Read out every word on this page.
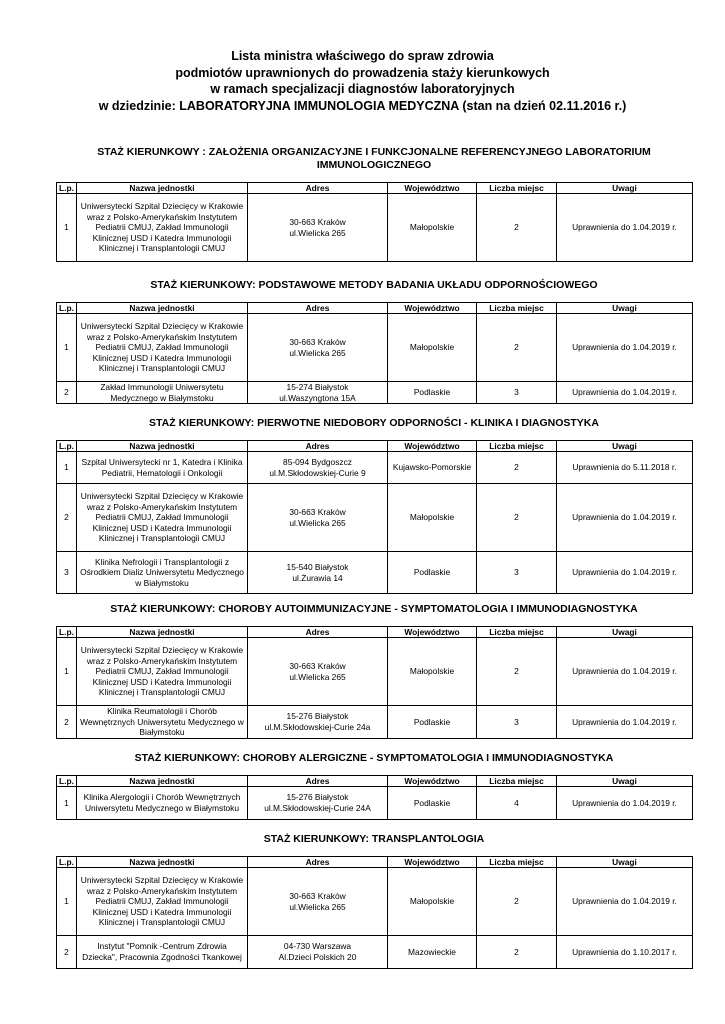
Lista ministra właściwego do spraw zdrowia
podmiotów uprawnionych do prowadzenia staży kierunkowych
w ramach specjalizacji diagnostów laboratoryjnych
w dziedzinie: LABORATORYJNA IMMUNOLOGIA MEDYCZNA (stan na dzień 02.11.2016 r.)
STAŻ KIERUNKOWY : ZAŁOŻENIA ORGANIZACYJNE I FUNKCJONALNE REFERENCYJNEGO LABORATORIUM
IMMUNOLOGICZNEGO
L.p.	Nazwa jednostki	Adres	Województwo	Liczba miejsc	Uwagi
1	Uniwersytecki Szpital Dziecięcy w Krakowie wraz z Polsko-Amerykańskim Instytutem Pediatrii CMUJ, Zakład Immunologii Klinicznej USD i Katedra Immunologii Klinicznej i Transplantologii CMUJ	30-663 Kraków
ul.Wielicka 265	Małopolskie	2	Uprawnienia do 1.04.2019 r.
STAŻ KIERUNKOWY: PODSTAWOWE METODY BADANIA UKŁADU ODPORNOŚCIOWEGO
L.p.	Nazwa jednostki	Adres	Województwo	Liczba miejsc	Uwagi
1	Uniwersytecki Szpital Dziecięcy w Krakowie wraz z Polsko-Amerykańskim Instytutem Pediatrii CMUJ, Zakład Immunologii Klinicznej USD i Katedra Immunologii Klinicznej i Transplantologii CMUJ	30-663 Kraków
ul.Wielicka 265	Małopolskie	2	Uprawnienia do 1.04.2019 r.
2	Zakład Immunologii Uniwersytetu Medycznego w Białymstoku	15-274 Białystok
ul.Waszyngtona 15A	Podlaskie	3	Uprawnienia do 1.04.2019 r.
STAŻ KIERUNKOWY: PIERWOTNE NIEDOBORY ODPORNOŚCI - KLINIKA I DIAGNOSTYKA
L.p.	Nazwa jednostki	Adres	Województwo	Liczba miejsc	Uwagi
1	Szpital Uniwersytecki nr 1, Katedra i Klinika Pediatrii, Hematologii i Onkologii	85-094 Bydgoszcz
ul.M.Skłodowskiej-Curie 9	Kujawsko-Pomorskie	2	Uprawnienia do 5.11.2018 r.
2	Uniwersytecki Szpital Dziecięcy w Krakowie wraz z Polsko-Amerykańskim Instytutem Pediatrii CMUJ, Zakład Immunologii Klinicznej USD i Katedra Immunologii Klinicznej i Transplantologii CMUJ	30-663 Kraków
ul.Wielicka 265	Małopolskie	2	Uprawnienia do 1.04.2019 r.
3	Klinika Nefrologii i Transplantologii z Ośrodkiem Dializ Uniwersytetu Medycznego w Białymstoku	15-540 Białystok
ul.Żurawia 14	Podlaskie	3	Uprawnienia do 1.04.2019 r.
STAŻ KIERUNKOWY: CHOROBY AUTOIMMUNIZACYJNE - SYMPTOMATOLOGIA I IMMUNODIAGNOSTYKA
L.p.	Nazwa jednostki	Adres	Województwo	Liczba miejsc	Uwagi
1	Uniwersytecki Szpital Dziecięcy w Krakowie wraz z Polsko-Amerykańskim Instytutem Pediatrii CMUJ, Zakład Immunologii Klinicznej USD i Katedra Immunologii Klinicznej i Transplantologii CMUJ	30-663 Kraków
ul.Wielicka 265	Małopolskie	2	Uprawnienia do 1.04.2019 r.
2	Klinika Reumatologii i Chorób Wewnętrznych Uniwersytetu Medycznego w Białymstoku	15-276 Białystok
ul.M.Skłodowskiej-Curie 24a	Podlaskie	3	Uprawnienia do 1.04.2019 r.
STAŻ KIERUNKOWY: CHOROBY ALERGICZNE - SYMPTOMATOLOGIA I IMMUNODIAGNOSTYKA
L.p.	Nazwa jednostki	Adres	Województwo	Liczba miejsc	Uwagi
1	Klinika Alergologii i Chorób Wewnętrznych Uniwersytetu Medycznego w Białymstoku	15-276 Białystok
ul.M.Skłodowskiej-Curie 24A	Podlaskie	4	Uprawnienia do 1.04.2019 r.
STAŻ KIERUNKOWY: TRANSPLANTOLOGIA
L.p.	Nazwa jednostki	Adres	Województwo	Liczba miejsc	Uwagi
1	Uniwersytecki Szpital Dziecięcy w Krakowie wraz z Polsko-Amerykańskim Instytutem Pediatrii CMUJ, Zakład Immunologii Klinicznej USD i Katedra Immunologii Klinicznej i Transplantologii CMUJ	30-663 Kraków
ul.Wielicka 265	Małopolskie	2	Uprawnienia do 1.04.2019 r.
2	Instytut "Pomnik -Centrum Zdrowia Dziecka", Pracownia Zgodności Tkankowej	04-730 Warszawa
Al.Dzieci Polskich 20	Mazowieckie	2	Uprawnienia do 1.10.2017 r.
